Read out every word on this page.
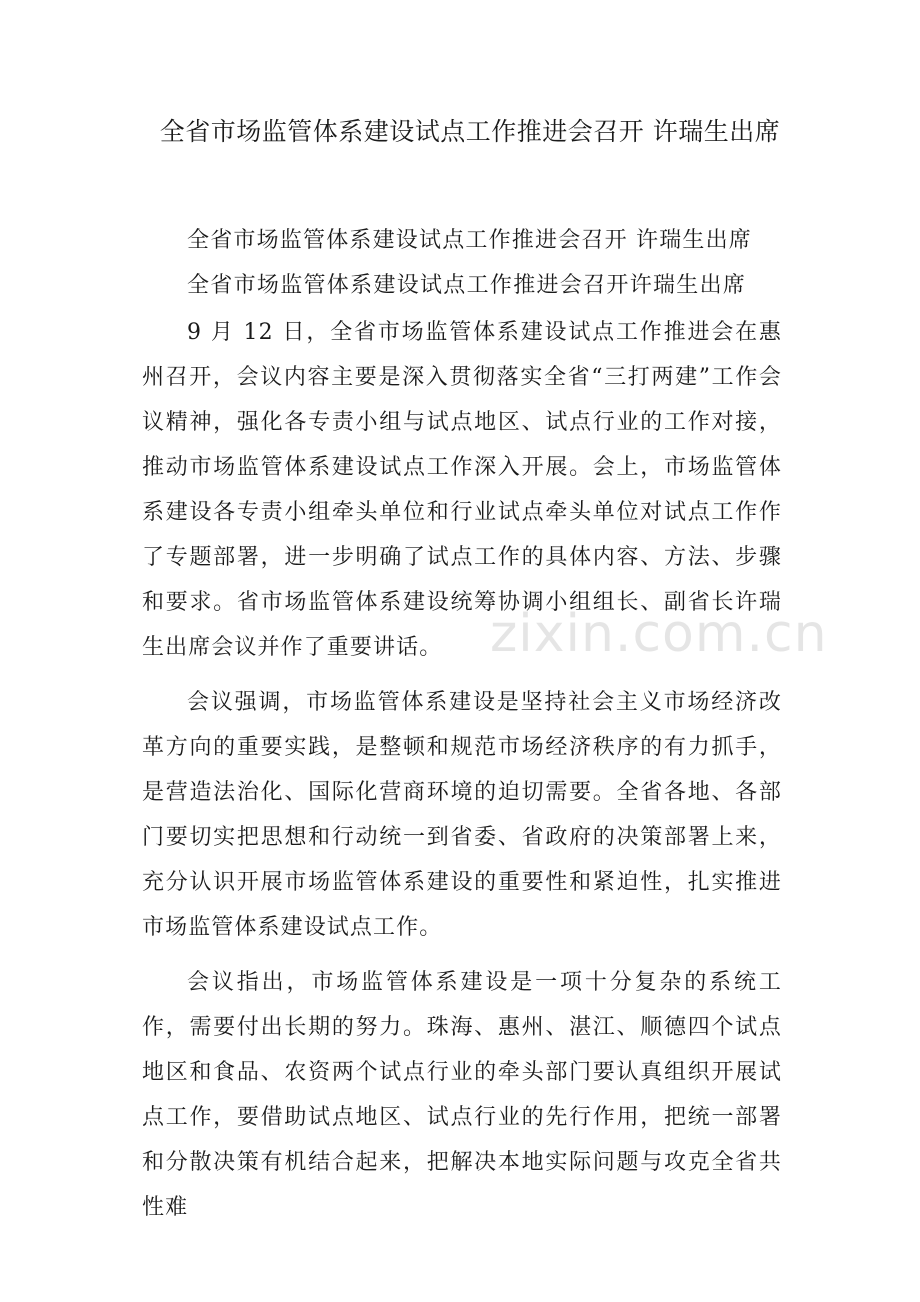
全省市场监管体系建设试点工作推进会召开 许瑞生出席
全省市场监管体系建设试点工作推进会召开 许瑞生出席
全省市场监管体系建设试点工作推进会召开许瑞生出席

9 月 12 日，全省市场监管体系建设试点工作推进会在惠州召开，会议内容主要是深入贯彻落实全省“三打两建”工作会议精神，强化各专责小组与试点地区、试点行业的工作对接，推动市场监管体系建设试点工作深入开展。会上，市场监管体系建设各专责小组牵头单位和行业试点牵头单位对试点工作作了专题部署，进一步明确了试点工作的具体内容、方法、步骤和要求。省市场监管体系建设统筹协调小组组长、副省长许瑞生出席会议并作了重要讲话。

会议强调，市场监管体系建设是坚持社会主义市场经济改革方向的重要实践，是整顿和规范市场经济秩序的有力抓手，是营造法治化、国际化营商环境的迫切需要。全省各地、各部门要切实把思想和行动统一到省委、省政府的决策部署上来，充分认识开展市场监管体系建设的重要性和紧迫性，扎实推进市场监管体系建设试点工作。

会议指出，市场监管体系建设是一项十分复杂的系统工作，需要付出长期的努力。珠海、惠州、湛江、顺德四个试点地区和食品、农资两个试点行业的牵头部门要认真组织开展试点工作，要借助试点地区、试点行业的先行作用，把统一部署和分散决策有机结合起来，把解决本地实际问题与攻克全省共性难

zixin.com.cn
